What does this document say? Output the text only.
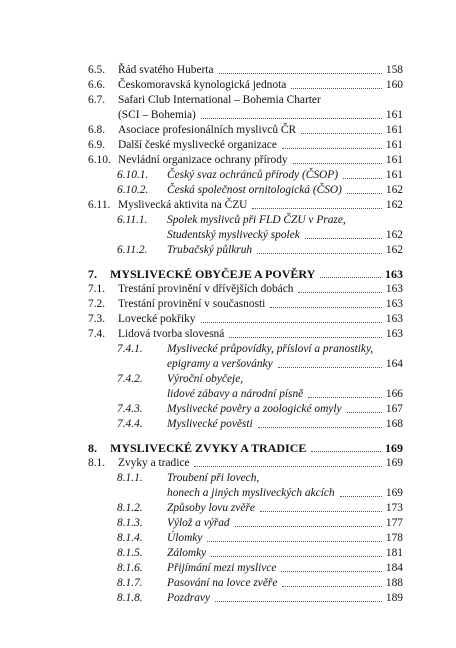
6.5. Řád svatého Huberta	158
6.6. Českomoravská kynologická jednota	160
6.7. Safari Club International – Bohemia Charter
(SCI – Bohemia)	161
6.8. Asociace profesionálních myslivců ČR	161
6.9. Další české myslivecké organizace	161
6.10. Nevládní organizace ochrany přírody	161
6.10.1. Český svaz ochránců přírody (ČSOP)	161
6.10.2. Česká společnost ornitologická (ČSO)	162
6.11. Myslivecká aktivita na ČZU	162
6.11.1. Spolek myslivců při FLD ČZU v Praze,
Studentský myslivecký spolek	162
6.11.2. Trubačský půlkruh	162
7. MYSLIVECKÉ OBYČEJE A POVĚRY	163
7.1. Trestání provinění v dřívějších dobách	163
7.2. Trestání provinění v současnosti	163
7.3. Lovecké pokřiky	163
7.4. Lidová tvorba slovesná	163
7.4.1. Myslivecké průpovídky, přísloví a pranostiky,
epigramy a veršovánky	164
7.4.2. Výroční obyčeje,
lidové zábavy a národní písně	166
7.4.3. Myslivecké pověry a zoologické omyly	167
7.4.4. Myslivecké pověsti	168
8. MYSLIVECKÉ ZVYKY A TRADICE	169
8.1. Zvyky a tradice	169
8.1.1. Troubení při lovech,
honech a jiných mysliveckých akcích	169
8.1.2. Způsoby lovu zvěře	173
8.1.3. Výlož a výřad	177
8.1.4. Úlomky	178
8.1.5. Zálomky	181
8.1.6. Přijímání mezi myslivce	184
8.1.7. Pasování na lovce zvěře	188
8.1.8. Pozdravy	189
